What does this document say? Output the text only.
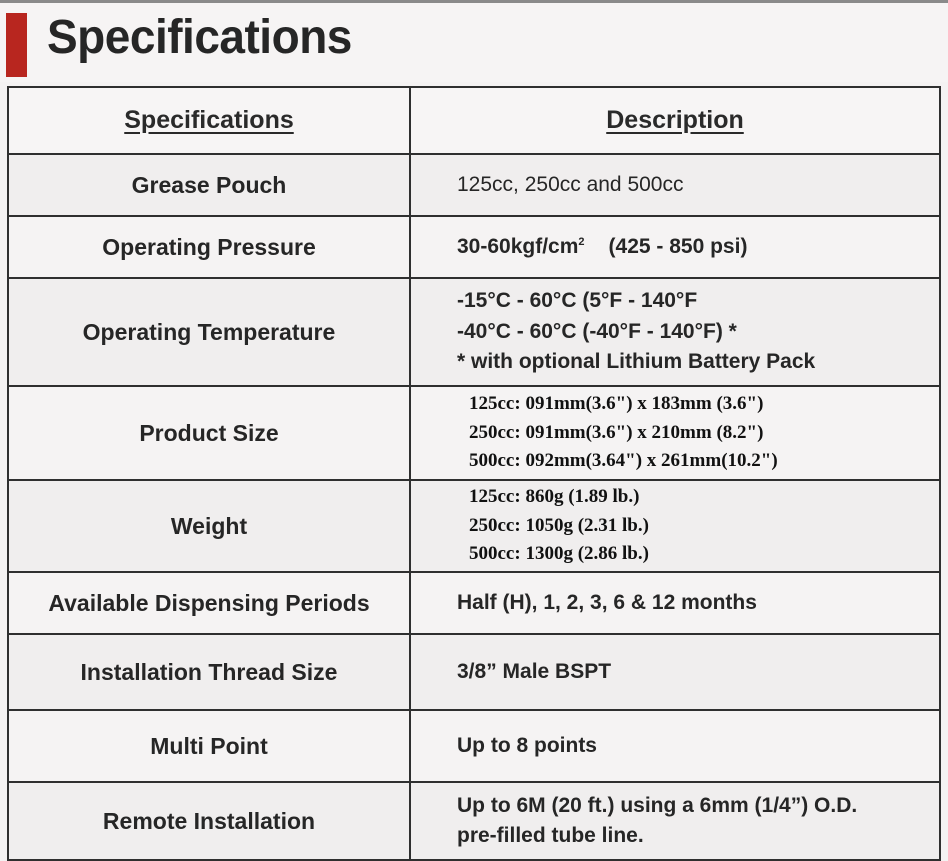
Specifications
Specifications	Description
Grease Pouch	125cc, 250cc and 500cc

Operating Pressure	$30-60kgf/cm^2$ (425 - 850 psi)

Operating Temperature	-15°C - 60°C (5°F - 140°F
-40°C - 60°C (-40°F - 140°F) *
* with optional Lithium Battery Pack

Product Size	125cc: 091mm(3.6") x 183mm (3.6")
250cc: 091mm(3.6") x 210mm (8.2")
500cc: 092mm(3.64") x 261mm(10.2")

Weight	125cc: 860g (1.89 lb.)
250cc: 1050g (2.31 lb.)
500cc: 1300g (2.86 lb.)

Available Dispensing Periods	Half (H), 1, 2, 3, 6 & 12 months

Installation Thread Size	3/8” Male BSPT

Multi Point	Up to 8 points

Remote Installation	Up to 6M (20 ft.) using a 6mm (1/4”) O.D.
pre-filled tube line.
